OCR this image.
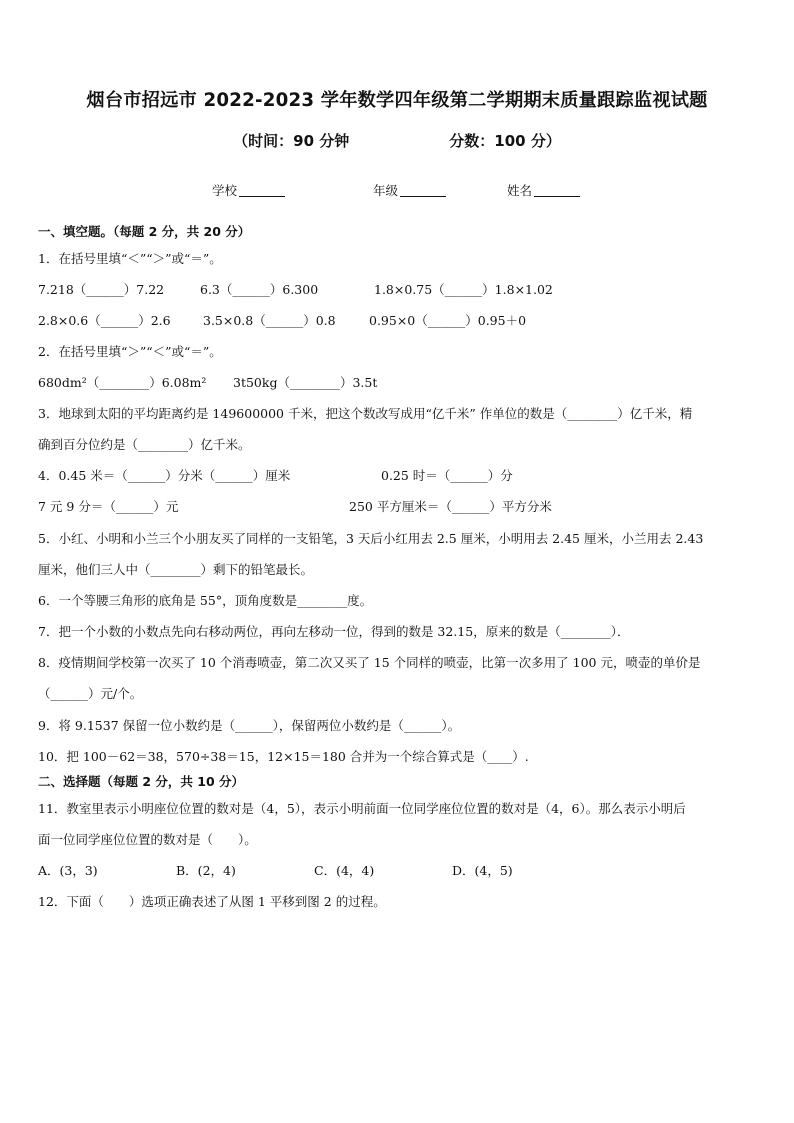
烟台市招远市 2022-2023 学年数学四年级第二学期期末质量跟踪监视试题
（时间：90 分钟	分数：100 分）
学校	年级	姓名
一、填空题。（每题 2 分，共 20 分）
1．在括号里填“＜”“＞”或“＝”。
7.218（______）7.22	6.3（______）6.300	1.8×0.75（______）1.8×1.02
2.8×0.6（______）2.6	3.5×0.8（______）0.8	0.95×0（______）0.95＋0
2．在括号里填“＞”“＜”或“＝”。
680dm²（________）6.08m² 3t50kg（________）3.5t
3．地球到太阳的平均距离约是 149600000 千米，把这个数改写成用“亿千米” 作单位的数是（________）亿千米，精
确到百分位约是（________）亿千米。
4．0.45 米＝（______）分米（______）厘米	0.25 时＝（______）分
7 元 9 分＝（______）元	250 平方厘米＝（______）平方分米
5．小红、小明和小兰三个小朋友买了同样的一支铅笔，3 天后小红用去 2.5 厘米，小明用去 2.45 厘米，小兰用去 2.43
厘米，他们三人中（________）剩下的铅笔最长。
6．一个等腰三角形的底角是 55°，顶角度数是________度。
7．把一个小数的小数点先向右移动两位，再向左移动一位，得到的数是 32.15，原来的数是（________）．
8．疫情期间学校第一次买了 10 个消毒喷壶，第二次又买了 15 个同样的喷壶，比第一次多用了 100 元，喷壶的单价是
（______）元/个。
9．将 9.1537 保留一位小数约是（______），保留两位小数约是（______）。
10．把 100－62＝38，570÷38＝15，12×15＝180 合并为一个综合算式是（____）.
二、选择题（每题 2 分，共 10 分）
11．教室里表示小明座位位置的数对是（4，5），表示小明前面一位同学座位位置的数对是（4，6）。那么表示小明后
面一位同学座位位置的数对是（　　）。
A．(3，3)	B．(2，4)	C．(4，4)	D．(4，5)
12．下面（　　）选项正确表述了从图 1 平移到图 2 的过程。
